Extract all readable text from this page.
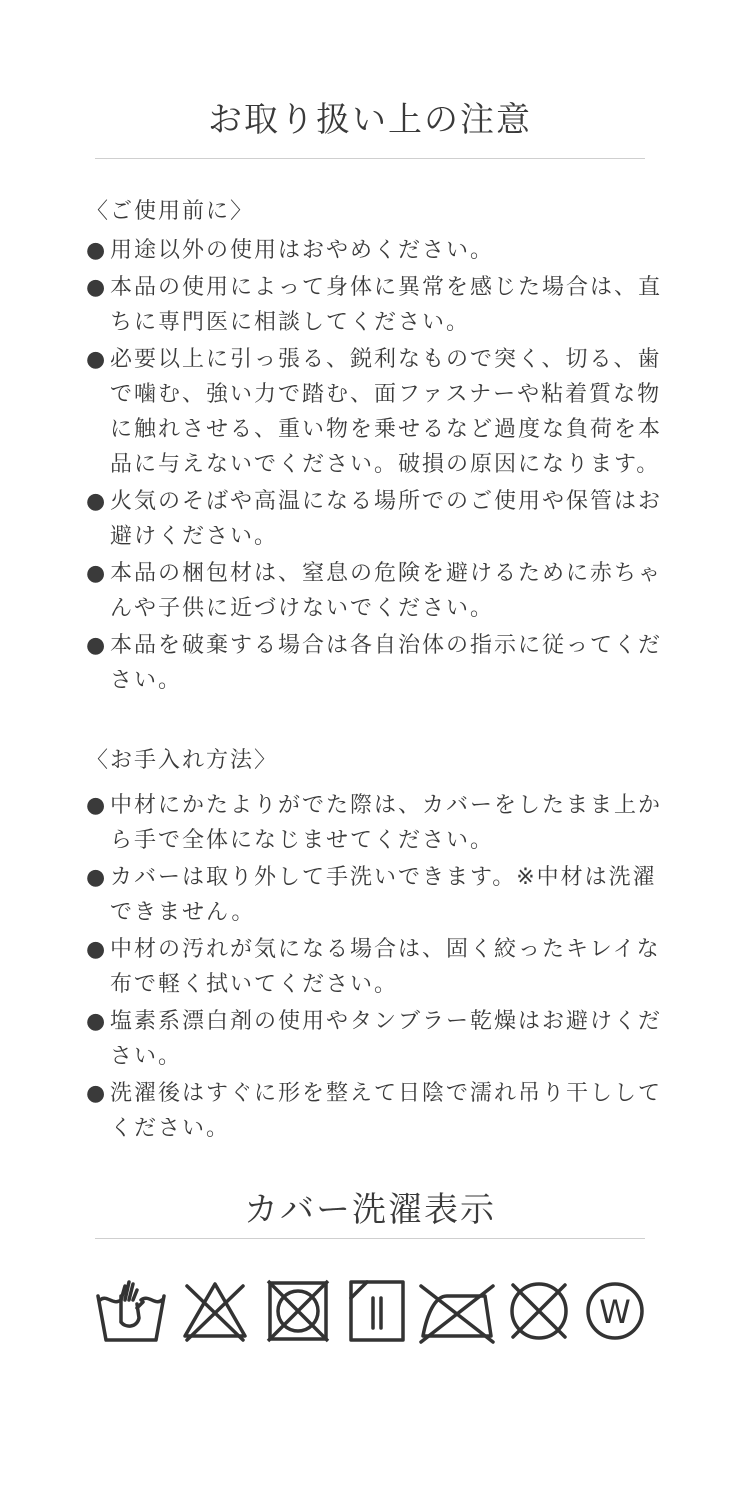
お取り扱い上の注意
〈ご使用前に〉
● 用途以外の使用はおやめください。
● 本品の使用によって身体に異常を感じた場合は、直ちに専門医に相談してください。
● 必要以上に引っ張る、鋭利なもので突く、切る、歯で噛む、強い力で踏む、面ファスナーや粘着質な物に触れさせる、重い物を乗せるなど過度な負荷を本品に与えないでください。破損の原因になります。
● 火気のそばや高温になる場所でのご使用や保管はお避けください。
● 本品の梱包材は、窒息の危険を避けるために赤ちゃんや子供に近づけないでください。
● 本品を破棄する場合は各自治体の指示に従ってください。
〈お手入れ方法〉
● 中材にかたよりがでた際は、カバーをしたまま上から手で全体になじませてください。
● カバーは取り外して手洗いできます。※中材は洗濯できません。
● 中材の汚れが気になる場合は、固く絞ったキレイな布で軽く拭いてください。
● 塩素系漂白剤の使用やタンブラー乾燥はお避けください。
● 洗濯後はすぐに形を整えて日陰で濡れ吊り干ししてください。
カバー洗濯表示
W
